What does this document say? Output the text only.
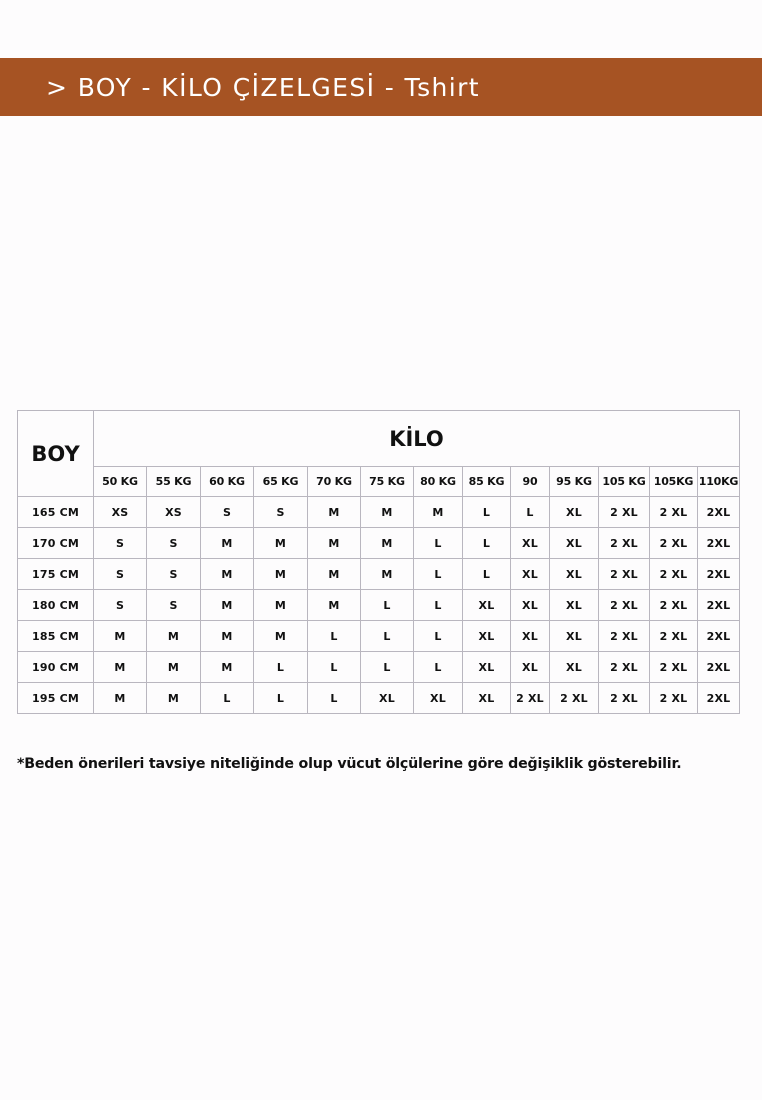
> BOY - KİLO ÇİZELGESİ - Tshirt
BOY	KİLO												
	50 KG	55 KG	60 KG	65 KG	70 KG	75 KG	80 KG	85 KG	90	95 KG	105 KG	105KG	110KG
165 CM	XS	XS	S	S	M	M	M	L	L	XL	2 XL	2 XL	2XL
170 CM	S	S	M	M	M	M	L	L	XL	XL	2 XL	2 XL	2XL
175 CM	S	S	M	M	M	M	L	L	XL	XL	2 XL	2 XL	2XL
180 CM	S	S	M	M	M	L	L	XL	XL	XL	2 XL	2 XL	2XL
185 CM	M	M	M	M	L	L	L	XL	XL	XL	2 XL	2 XL	2XL
190 CM	M	M	M	L	L	L	L	XL	XL	XL	2 XL	2 XL	2XL
195 CM	M	M	L	L	L	XL	XL	XL	2 XL	2 XL	2 XL	2 XL	2XL
*Beden önerileri tavsiye niteliğinde olup vücut ölçülerine göre değişiklik gösterebilir.
